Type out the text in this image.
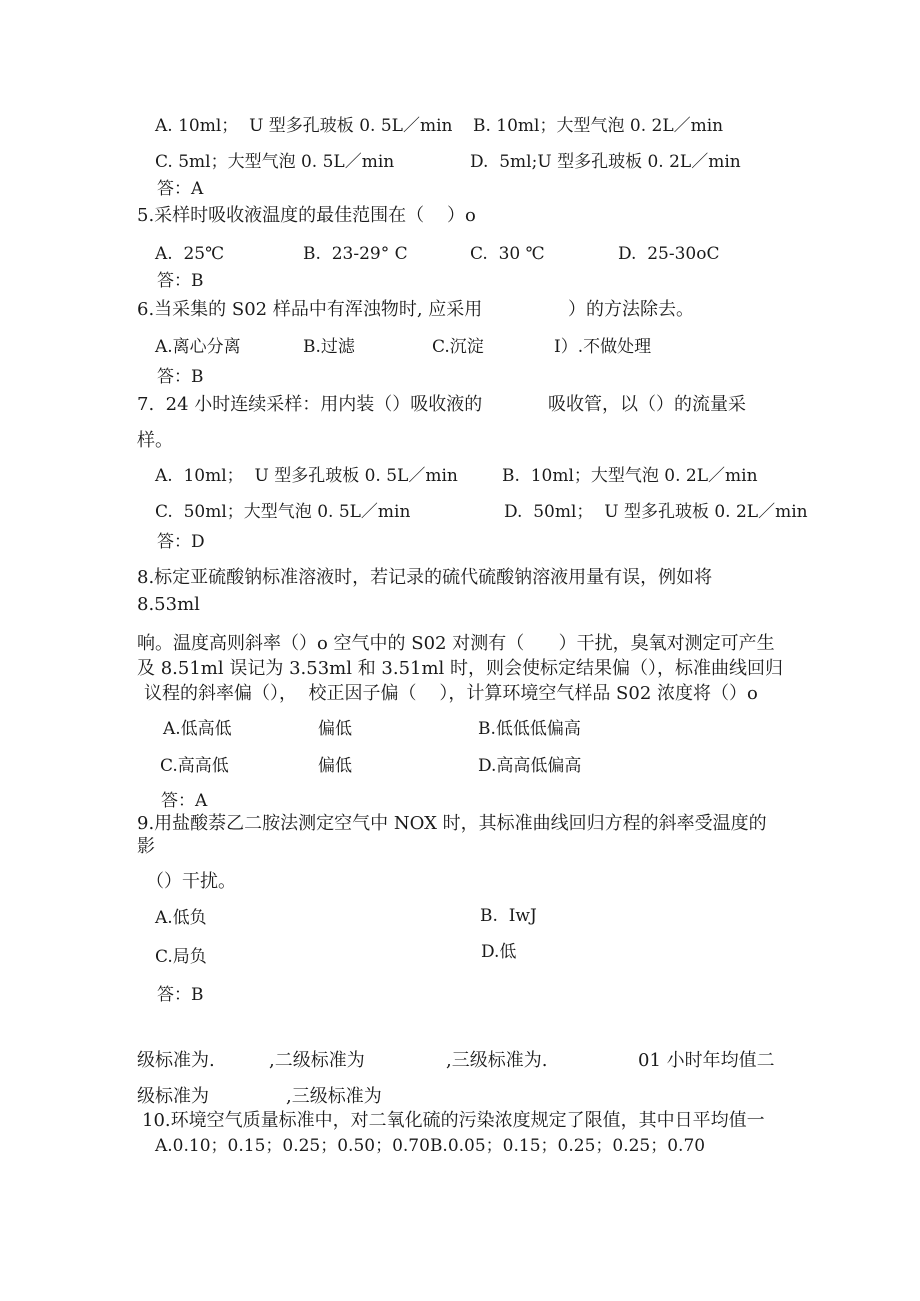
A. 10ml；  U 型多孔玻板 0. 5L／min B. 10ml；大型气泡 0. 2L／min
C. 5ml；大型气泡 0. 5L／min	D.  5ml;U 型多孔玻板 0. 2L／min
答：A
5.采样时吸收液温度的最佳范围在（    ）o
A.  25℃	B.  23-29° C	C.  30 ℃	D.  25-30oC
答：B
6.当采集的 S02 样品中有浑浊物时, 应采用	）的方法除去。
A.离心分离	B.过滤	C.沉淀	I）.不做处理
答：B
7.  24 小时连续采样：用内装（）吸收液的	吸收管，以（）的流量采
样。
A.  10ml；  U 型多孔玻板 0. 5L／min	B.  10ml；大型气泡 0. 2L／min
C.  50ml；大型气泡 0. 5L／min	D.  50ml；  U 型多孔玻板 0. 2L／min
答：D
8.标定亚硫酸钠标准溶液时，若记录的硫代硫酸钠溶液用量有误，例如将
8.53ml
响。温度高则斜率（）o 空气中的 S02 对测有（      ）干扰，臭氧对测定可产生
及 8.51ml 误记为 3.53ml 和 3.51ml 时，则会使标定结果偏（），标准曲线回归
议程的斜率偏（），  校正因子偏（    ），计算环境空气样品 S02 浓度将（）o
A.低高低	偏低	B.低低低偏高
C.高高低	偏低	D.高高低偏高
答：A
9.用盐酸萘乙二胺法测定空气中 NOX 时，其标准曲线回归方程的斜率受温度的
影
（）干扰。
A.低负	B.  IwJ
C.局负	D.低
答：B
级标准为.	,二级标准为	,三级标准为.	01 小时年均值二
级标准为	,三级标准为
10.环境空气质量标准中，对二氧化硫的污染浓度规定了限值，其中日平均值一
A.0.10；0.15；0.25；0.50；0.70B.0.05；0.15；0.25；0.25；0.70
